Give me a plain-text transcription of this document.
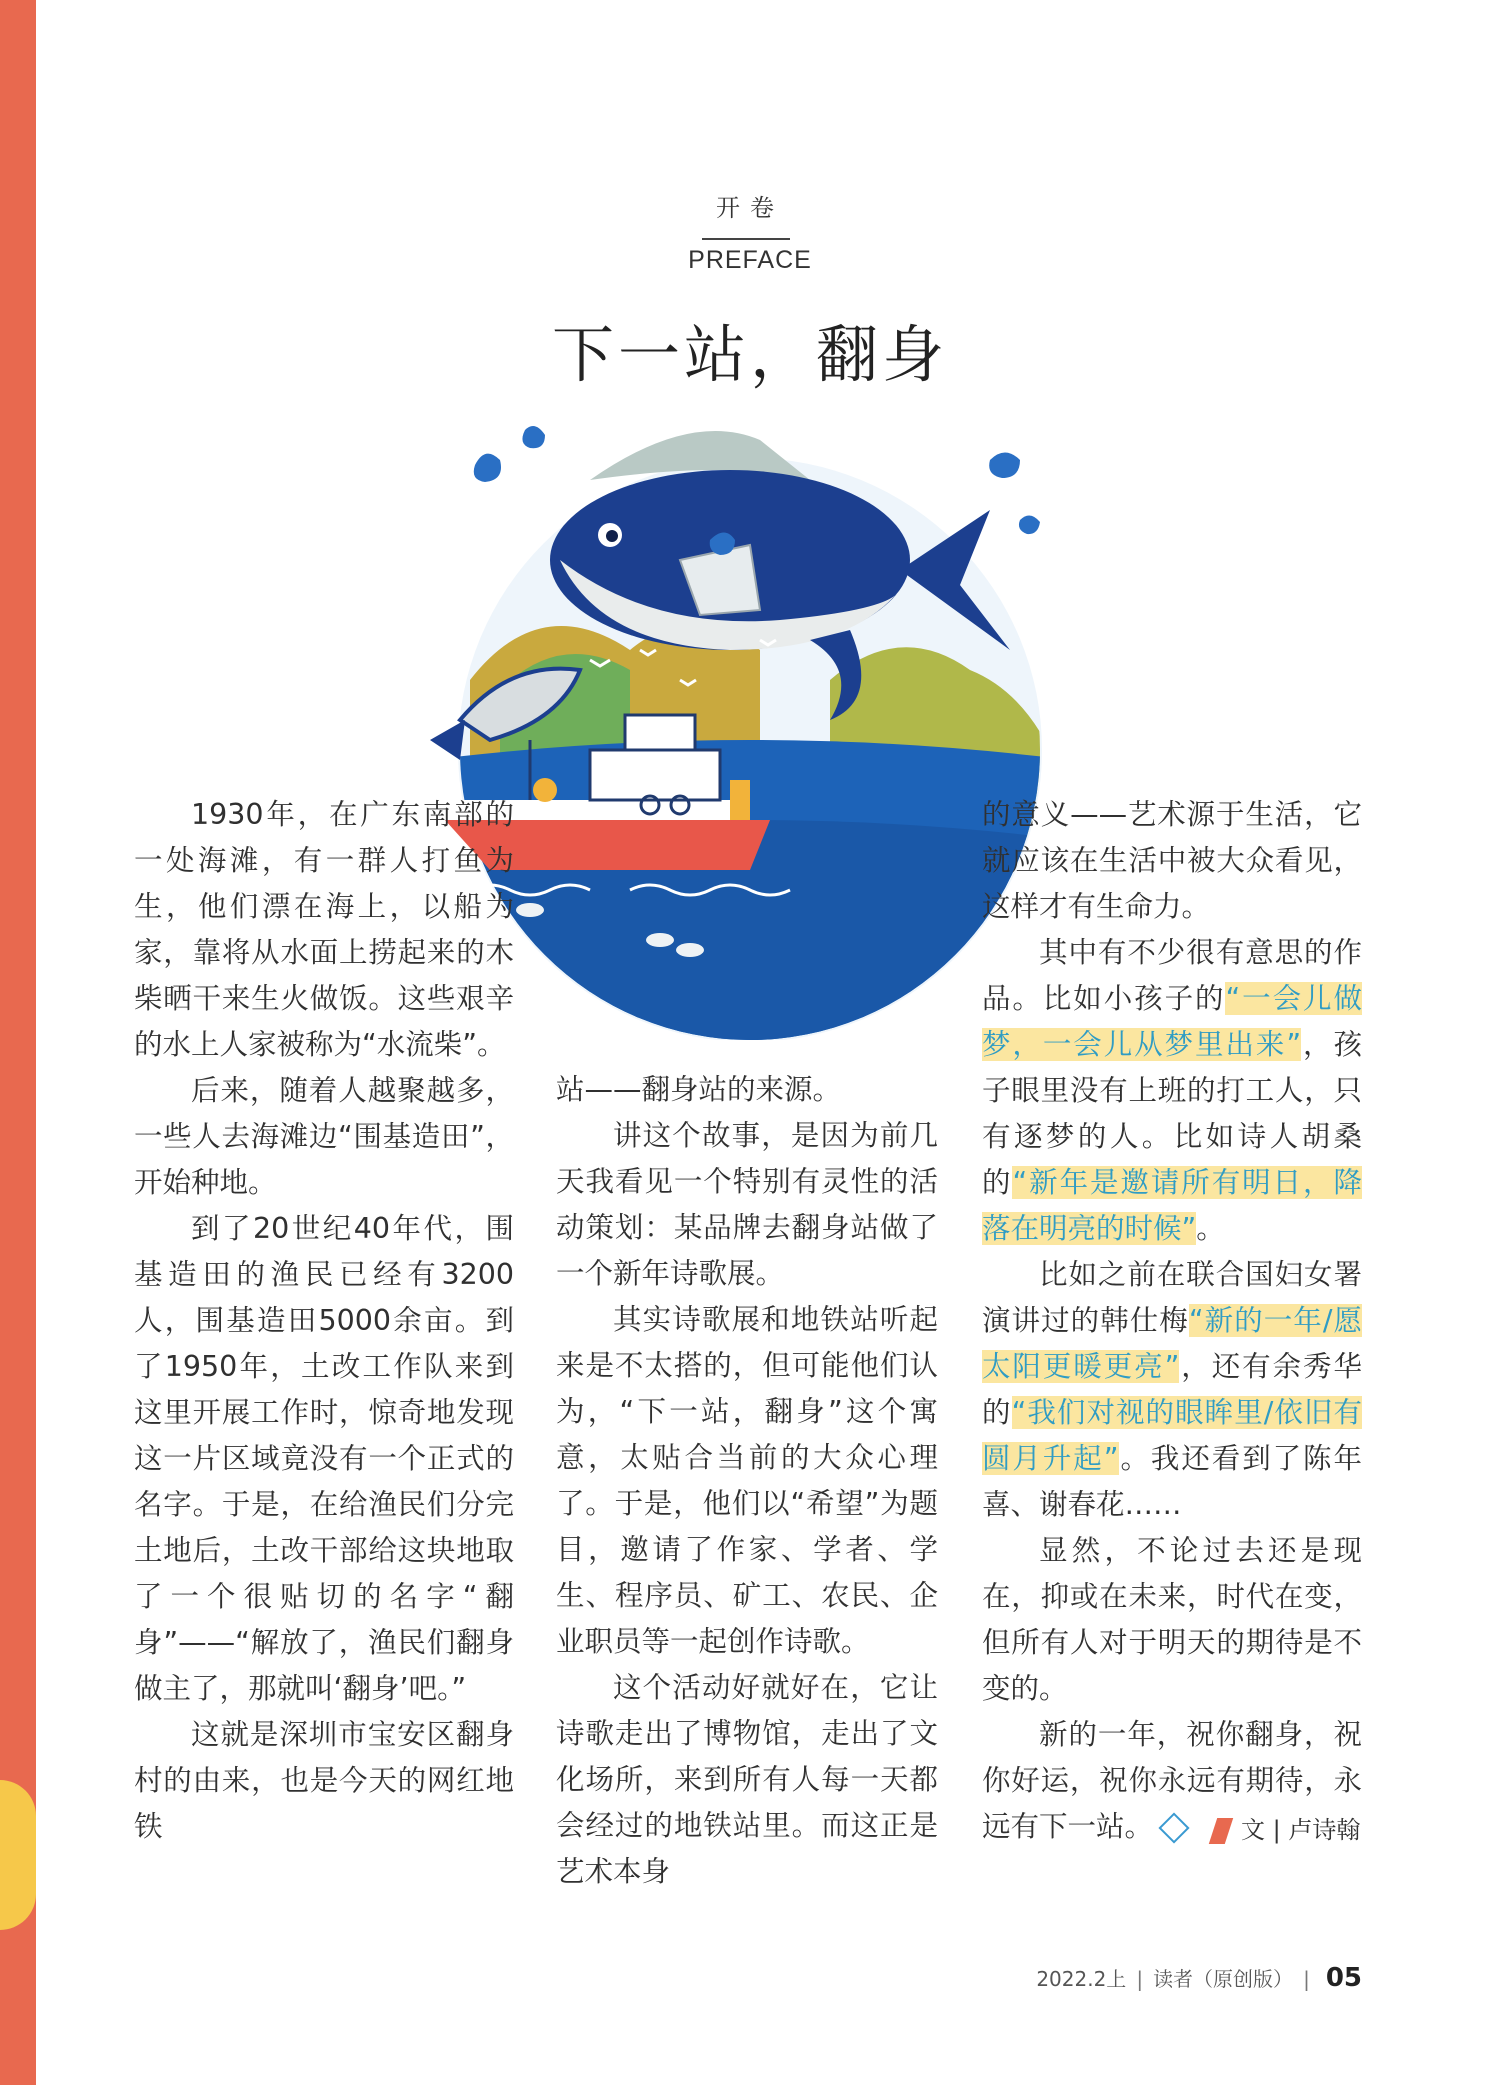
开卷
PREFACE
下一站，翻身

1930年，在广东南部的一处海滩，有一群人打鱼为生，他们漂在海上，以船为家，靠将从水面上捞起来的木柴晒干来生火做饭。这些艰辛的水上人家被称为“水流柴”。

后来，随着人越聚越多，一些人去海滩边“围基造田”，开始种地。

到了20世纪40年代，围基造田的渔民已经有3200人，围基造田5000余亩。到了1950年，土改工作队来到这里开展工作时，惊奇地发现这一片区域竟没有一个正式的名字。于是，在给渔民们分完土地后，土改干部给这块地取了一个很贴切的名字“翻身”——“解放了，渔民们翻身做主了，那就叫‘翻身’吧。”

这就是深圳市宝安区翻身村的由来，也是今天的网红地铁

站——翻身站的来源。

讲这个故事，是因为前几天我看见一个特别有灵性的活动策划：某品牌去翻身站做了一个新年诗歌展。

其实诗歌展和地铁站听起来是不太搭的，但可能他们认为，“下一站，翻身”这个寓意，太贴合当前的大众心理了。于是，他们以“希望”为题目，邀请了作家、学者、学生、程序员、矿工、农民、企业职员等一起创作诗歌。

这个活动好就好在，它让诗歌走出了博物馆，走出了文化场所，来到所有人每一天都会经过的地铁站里。而这正是艺术本身

的意义——艺术源于生活，它就应该在生活中被大众看见，这样才有生命力。

其中有不少很有意思的作品。比如小孩子的“一会儿做梦，一会儿从梦里出来”，孩子眼里没有上班的打工人，只有逐梦的人。比如诗人胡桑的“新年是邀请所有明日，降落在明亮的时候”。

比如之前在联合国妇女署演讲过的韩仕梅“新的一年/愿太阳更暖更亮”，还有余秀华的“我们对视的眼眸里/依旧有圆月升起”。我还看到了陈年喜、谢春花……

显然，不论过去还是现在，抑或在未来，时代在变，但所有人对于明天的期待是不变的。

新的一年，祝你翻身，祝你好运，祝你永远有期待，永远有下一站。	文 | 卢诗翰
2022.2上 | 读者（原创版） | 05
